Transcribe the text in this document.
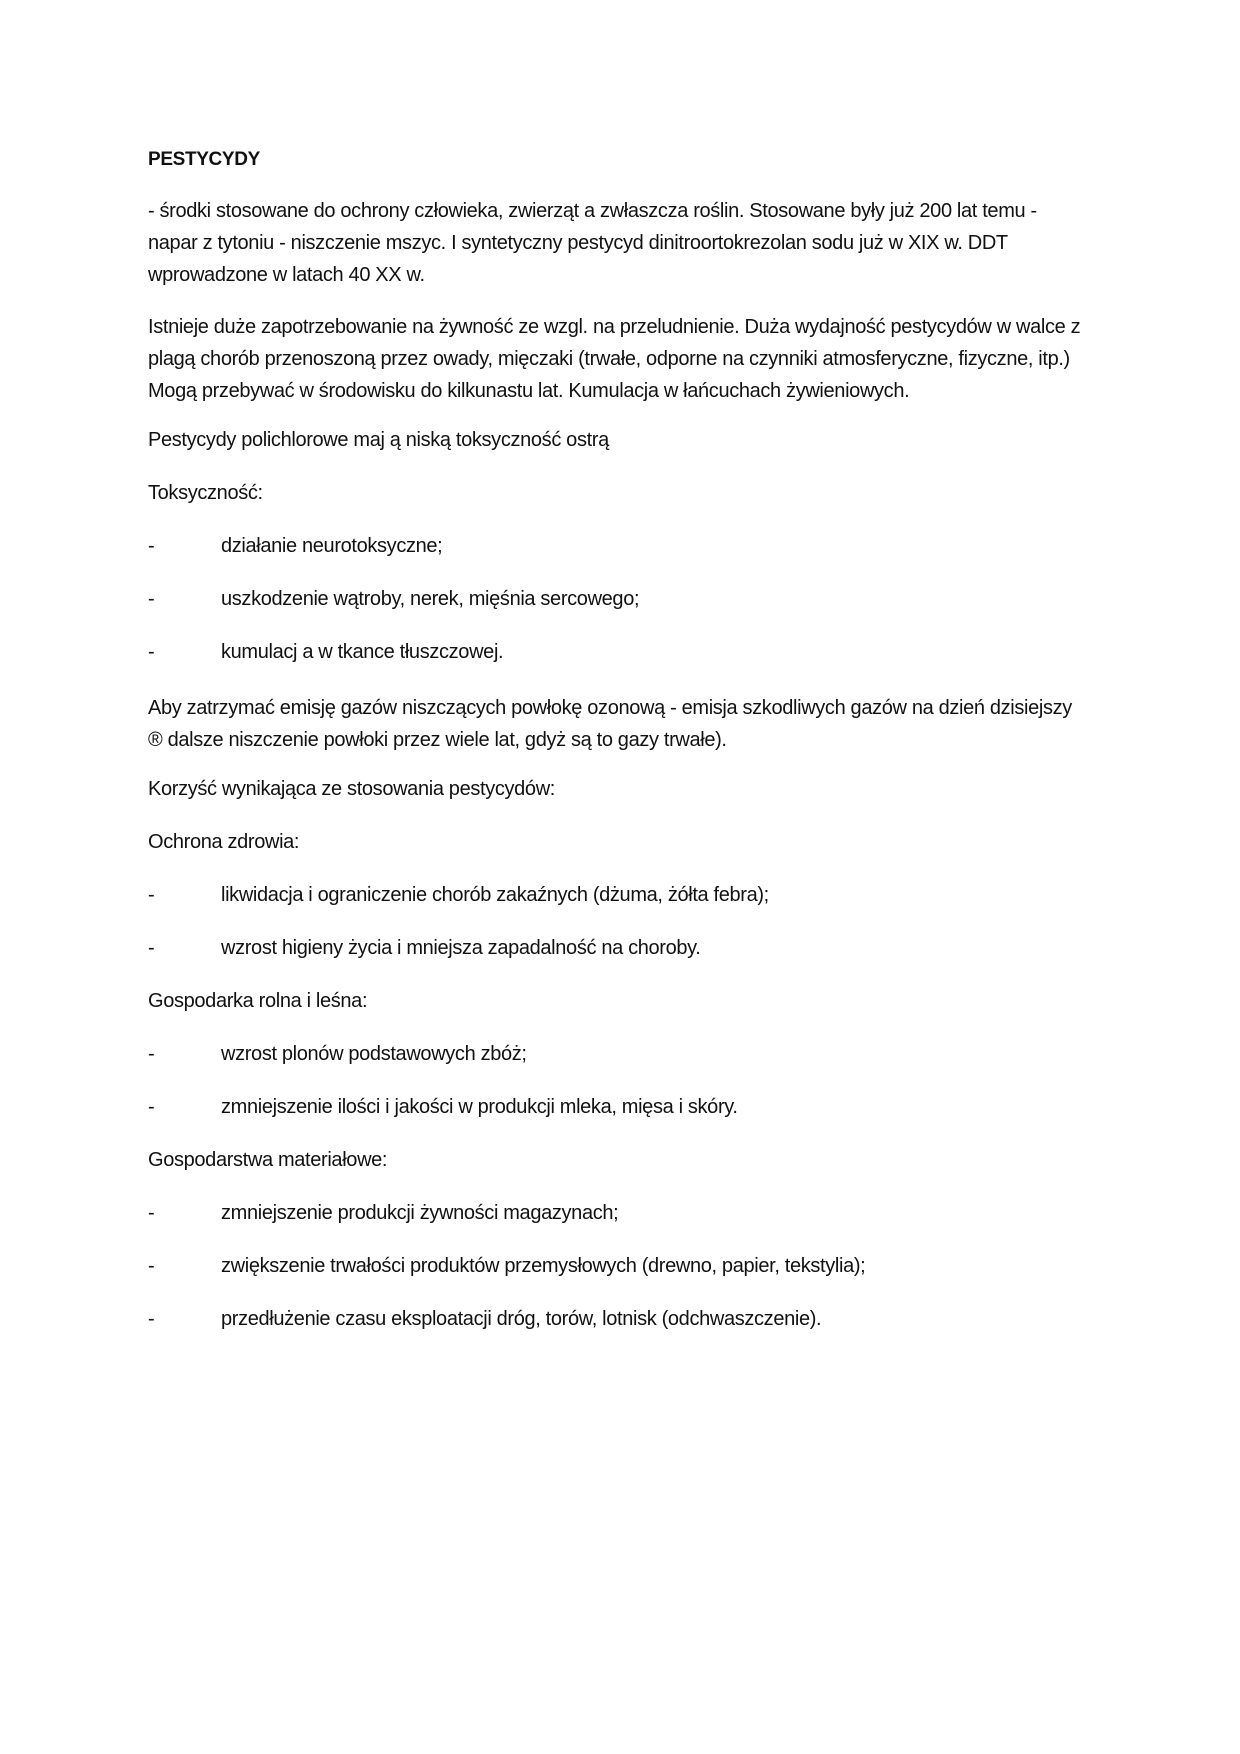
PESTYCYDY
- środki stosowane do ochrony człowieka, zwierząt a zwłaszcza roślin. Stosowane były już 200 lat temu - napar z tytoniu - niszczenie mszyc. I syntetyczny pestycyd dinitroortokrezolan sodu już w XIX w. DDT wprowadzone w latach 40 XX w.
Istnieje duże zapotrzebowanie na żywność ze wzgl. na przeludnienie. Duża wydajność pestycydów w walce z plagą chorób przenoszoną przez owady, mięczaki (trwałe, odporne na czynniki atmosferyczne, fizyczne, itp.) Mogą przebywać w środowisku do kilkunastu lat. Kumulacja w łańcuchach żywieniowych.
Pestycydy polichlorowe maj ą niską toksyczność ostrą
Toksyczność:
-	działanie neurotoksyczne;
-	uszkodzenie wątroby, nerek, mięśnia sercowego;
-	kumulacj a w tkance tłuszczowej.
Aby zatrzymać emisję gazów niszczących powłokę ozonową - emisja szkodliwych gazów na dzień dzisiejszy ® dalsze niszczenie powłoki przez wiele lat, gdyż są to gazy trwałe).
Korzyść wynikająca ze stosowania pestycydów:
Ochrona zdrowia:
-	likwidacja i ograniczenie chorób zakaźnych (dżuma, żółta febra);
-	wzrost higieny życia i mniejsza zapadalność na choroby.
Gospodarka rolna i leśna:
-	wzrost plonów podstawowych zbóż;
-	zmniejszenie ilości i jakości w produkcji mleka, mięsa i skóry.
Gospodarstwa materiałowe:
-	zmniejszenie produkcji żywności magazynach;
-	zwiększenie trwałości produktów przemysłowych (drewno, papier, tekstylia);
-	przedłużenie czasu eksploatacji dróg, torów, lotnisk (odchwaszczenie).
